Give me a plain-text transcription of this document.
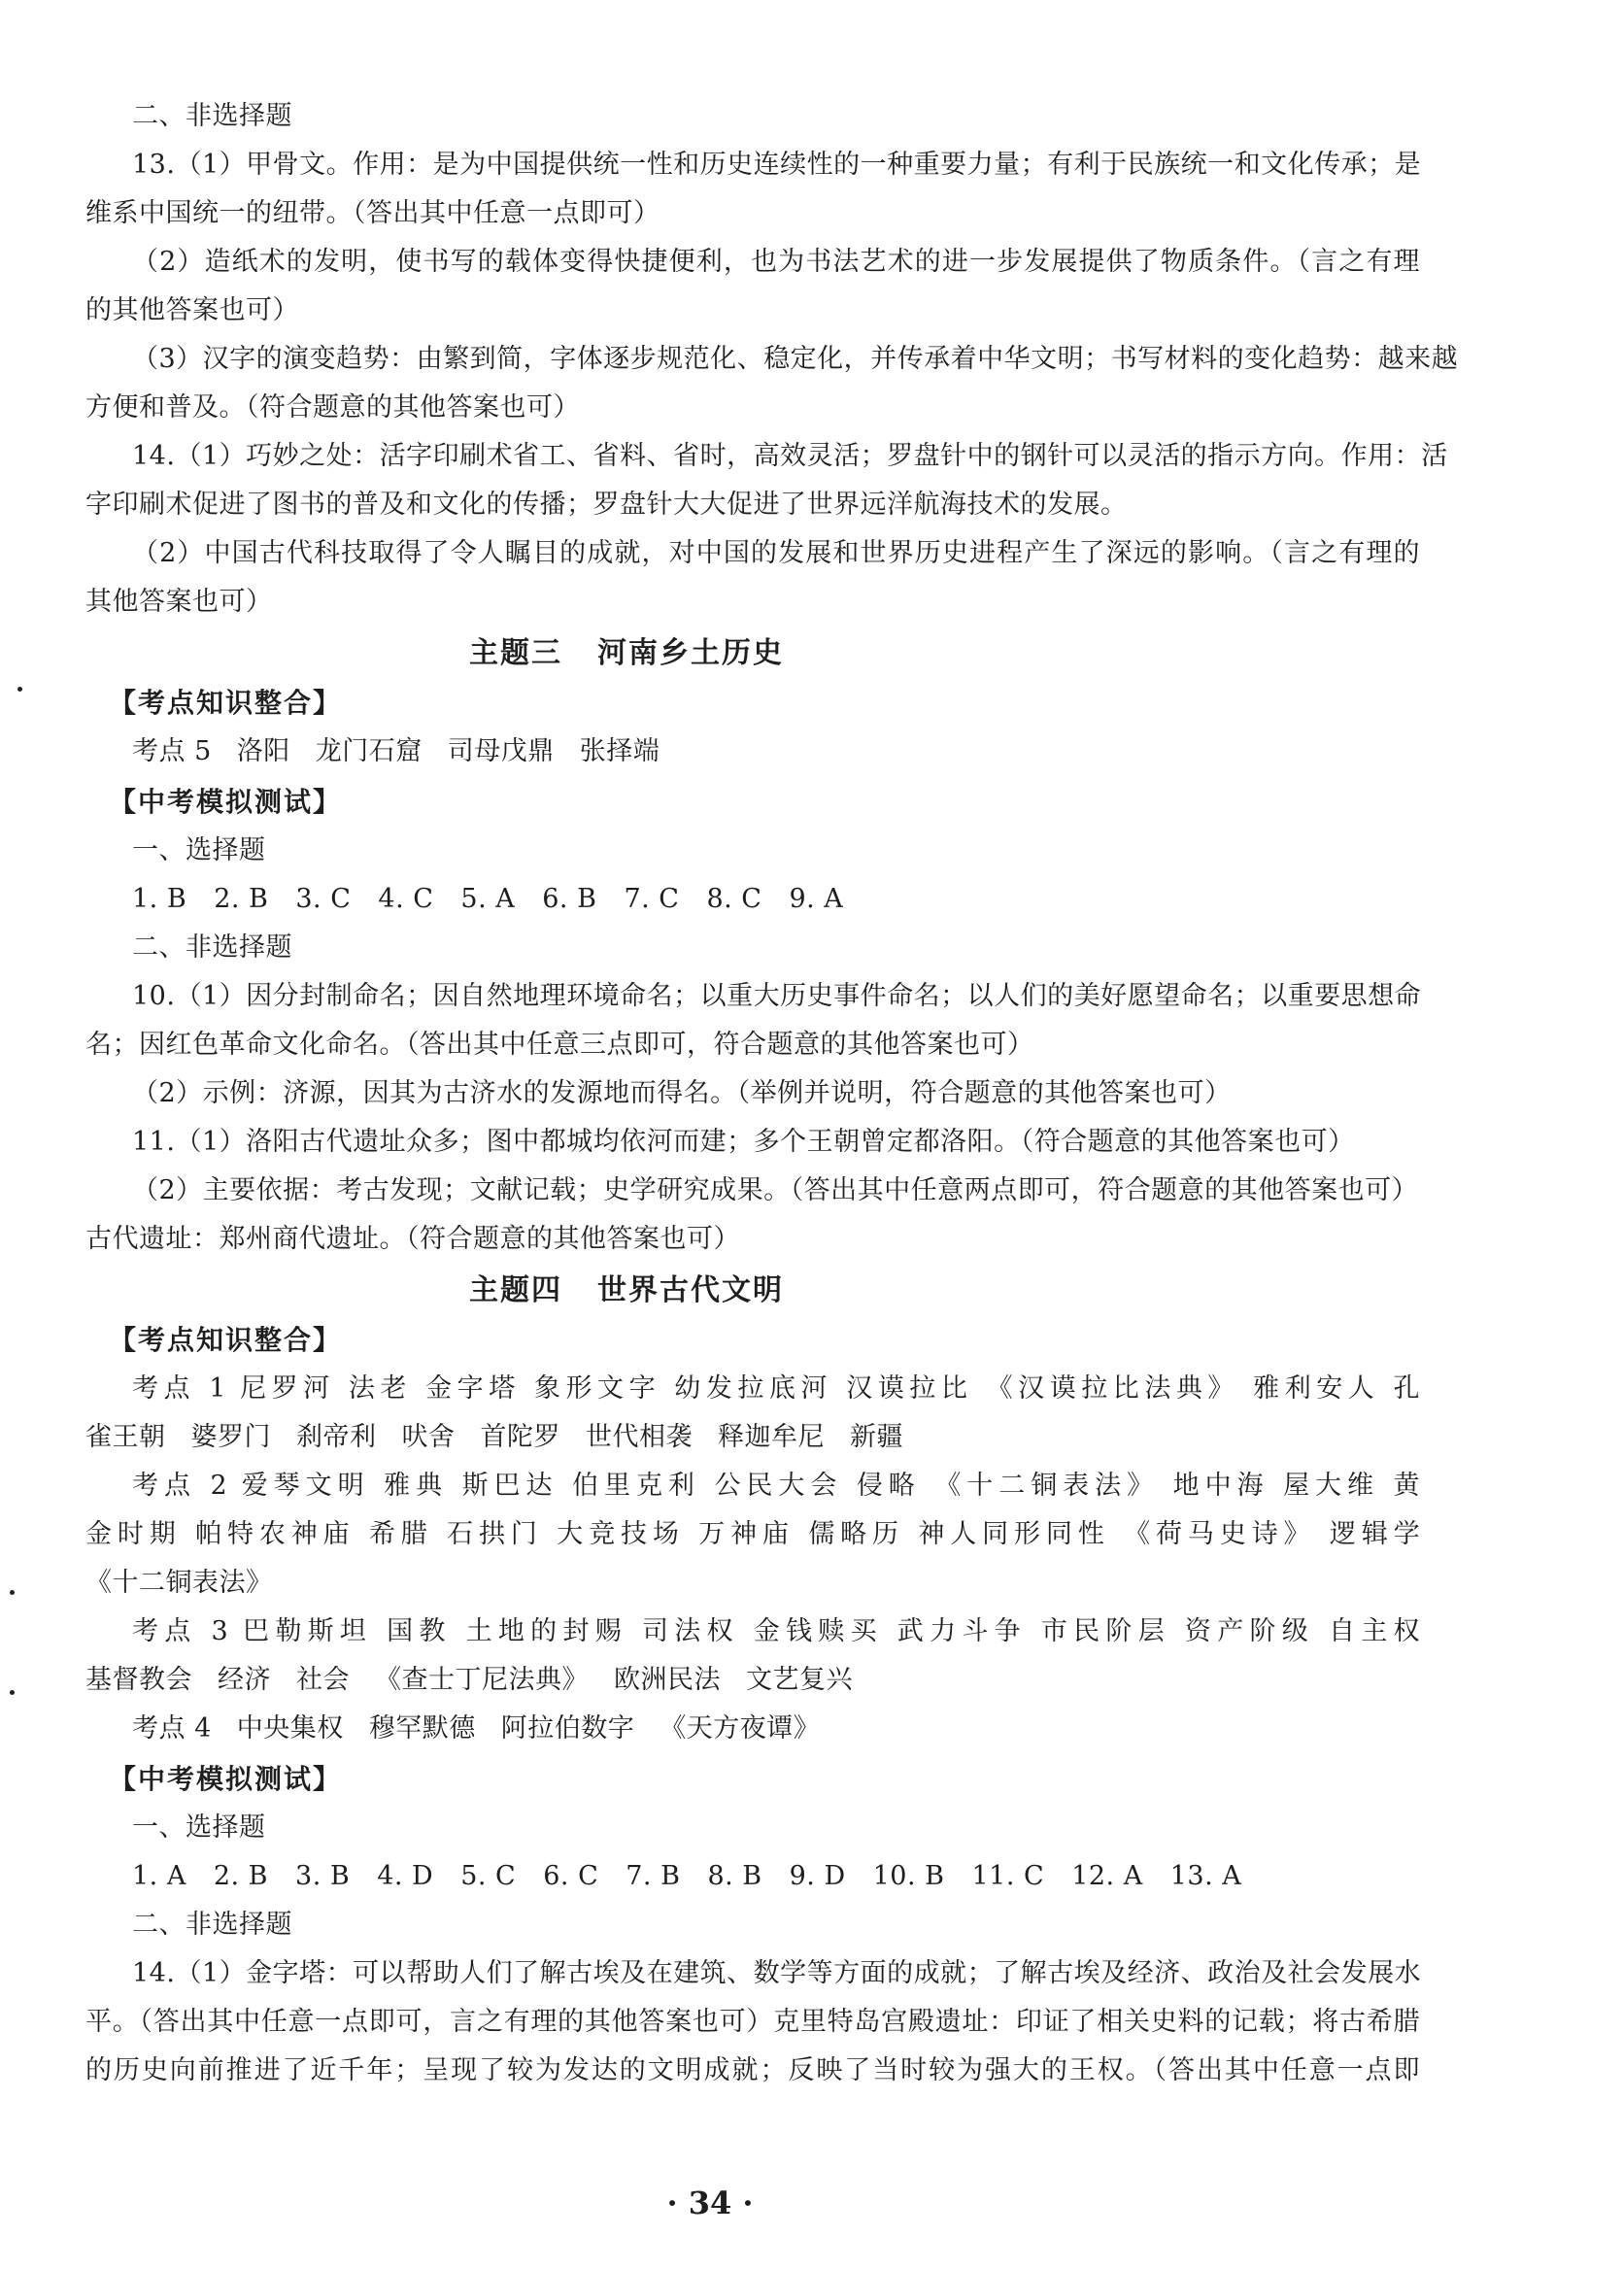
二、非选择题
13.（1）甲骨文。作用：是为中国提供统一性和历史连续性的一种重要力量；有利于民族统一和文化传承；是
维系中国统一的纽带。（答出其中任意一点即可）
（2）造纸术的发明，使书写的载体变得快捷便利，也为书法艺术的进一步发展提供了物质条件。（言之有理
的其他答案也可）
（3）汉字的演变趋势：由繁到简，字体逐步规范化、稳定化，并传承着中华文明；书写材料的变化趋势：越来越
方便和普及。（符合题意的其他答案也可）
14.（1）巧妙之处：活字印刷术省工、省料、省时，高效灵活；罗盘针中的钢针可以灵活的指示方向。作用：活
字印刷术促进了图书的普及和文化的传播；罗盘针大大促进了世界远洋航海技术的发展。
（2）中国古代科技取得了令人瞩目的成就，对中国的发展和世界历史进程产生了深远的影响。（言之有理的
其他答案也可）
主题三 河南乡土历史
【考点知识整合】
考点 5 洛阳 龙门石窟 司母戊鼎 张择端
【中考模拟测试】
一、选择题
1. B 2. B 3. C 4. C 5. A 6. B 7. C 8. C 9. A
二、非选择题
10.（1）因分封制命名；因自然地理环境命名；以重大历史事件命名；以人们的美好愿望命名；以重要思想命
名；因红色革命文化命名。（答出其中任意三点即可，符合题意的其他答案也可）
（2）示例：济源，因其为古济水的发源地而得名。（举例并说明，符合题意的其他答案也可）
11.（1）洛阳古代遗址众多；图中都城均依河而建；多个王朝曾定都洛阳。（符合题意的其他答案也可）
（2）主要依据：考古发现；文献记载；史学研究成果。（答出其中任意两点即可，符合题意的其他答案也可）
古代遗址：郑州商代遗址。（符合题意的其他答案也可）
主题四 世界古代文明
【考点知识整合】
考点 1 尼罗河 法老 金字塔 象形文字 幼发拉底河 汉谟拉比 《汉谟拉比法典》 雅利安人 孔
雀王朝 婆罗门 刹帝利 吠舍 首陀罗 世代相袭 释迦牟尼 新疆
考点 2 爱琴文明 雅典 斯巴达 伯里克利 公民大会 侵略 《十二铜表法》 地中海 屋大维 黄
金时期 帕特农神庙 希腊 石拱门 大竞技场 万神庙 儒略历 神人同形同性 《荷马史诗》 逻辑学
《十二铜表法》
考点 3 巴勒斯坦 国教 土地的封赐 司法权 金钱赎买 武力斗争 市民阶层 资产阶级 自主权
基督教会 经济 社会 《查士丁尼法典》 欧洲民法 文艺复兴
考点 4 中央集权 穆罕默德 阿拉伯数字 《天方夜谭》
【中考模拟测试】
一、选择题
1. A 2. B 3. B 4. D 5. C 6. C 7. B 8. B 9. D 10. B 11. C 12. A 13. A
二、非选择题
14.（1）金字塔：可以帮助人们了解古埃及在建筑、数学等方面的成就；了解古埃及经济、政治及社会发展水
平。（答出其中任意一点即可，言之有理的其他答案也可）克里特岛宫殿遗址：印证了相关史料的记载；将古希腊
的历史向前推进了近千年；呈现了较为发达的文明成就；反映了当时较为强大的王权。（答出其中任意一点即
· 34 ·
